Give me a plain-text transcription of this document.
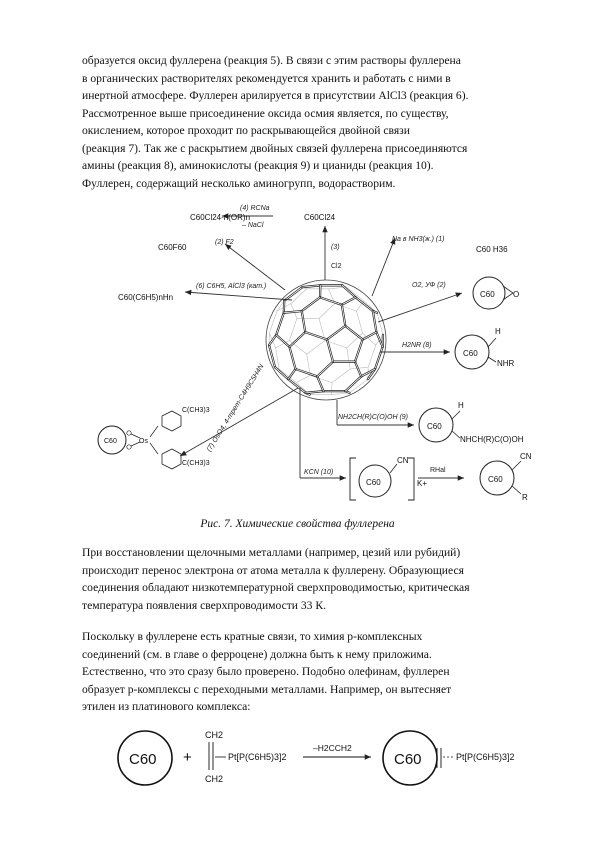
образуется оксид фуллерена (реакция 5). В связи с этим растворы фуллерена
в органических растворителях рекомендуется хранить и работать с ними в
инертной атмосфере. Фуллерен арилируется в присутствии AlCl3 (реакция 6).
Рассмотренное выше присоединение оксида осмия является, по существу,
окислением, которое проходит по раскрывающейся двойной связи
(реакция 7). Так же с раскрытием двойных связей фуллерена присоединяются
амины (реакция 8), аминокислоты (реакция 9) и цианиды (реакция 10).
Фуллерен, содержащий несколько аминогрупп, водорастворим.
(4) RCNa
– NaCl
(3)
Cl2
(2) F2
(6) C6H5, AlCl3 (кат.)
Na в NH3(ж.) (1)
O2, УФ (2)
H2NR (8)
NH2CH(R)C(O)OH (9)
KCN (10)	RHal
(7) OsO4, 4-mpem-C4H9C5H4N
C60Cl24-n(OR)n	C60Cl24
C60F60
C60(C6H5)nHn
C60 H36
C60 O
C60
H
NHR
C60
H
NHCH(R)C(O)OH
C60
CN
K+	C60
CN
R
C60	Os
C(CH3)3
C(CH3)3
Рис. 7. Химические свойства фуллерена
При восстановлении щелочными металлами (например, цезий или рубидий)
происходит перенос электрона от атома металла к фуллерену. Образующиеся
соединения обладают низкотемпературной сверхпроводимостью, критическая
температура появления сверхпроводимости 33 К.
Поскольку в фуллерене есть кратные связи, то химия p-комплексных
соединений (см. в главе о ферроцене) должна быть к нему приложима.
Естественно, что это сразу было проверено. Подобно олефинам, фуллерен
образует p-комплексы с переходными металлами. Например, он вытесняет
этилен из платинового комплекса:
C60 +
CH2
CH2
Pt[P(C6H5)3]2
–H2CCH2
C60	Pt[P(C6H5)3]2
